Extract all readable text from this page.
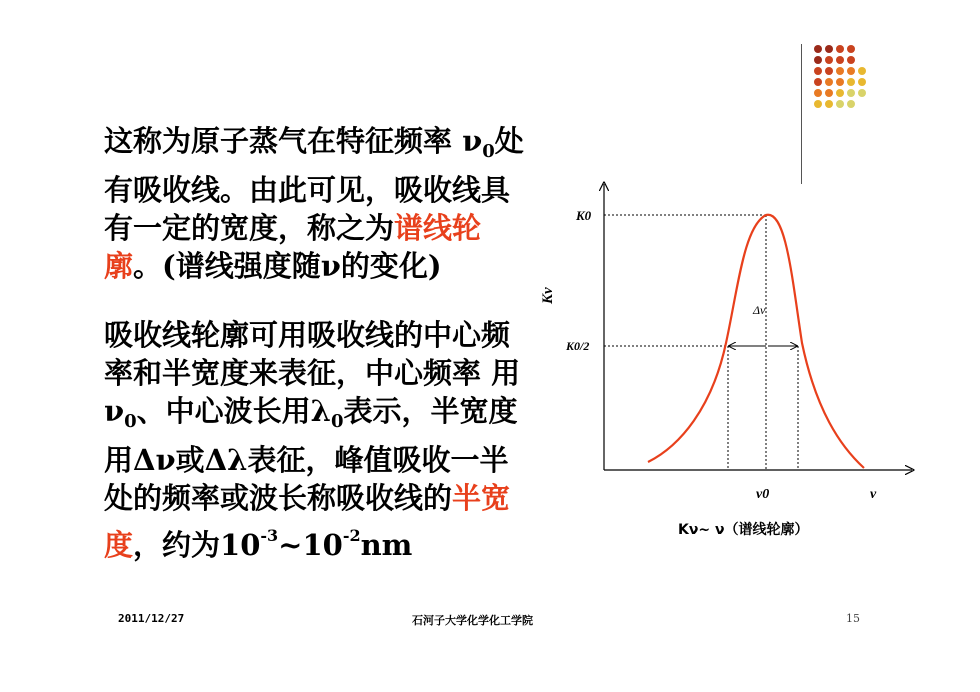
这称为原子蒸气在特征频率 $\nu_0$处有吸收线。由此可见，吸收线具有一定的宽度，称之为谱线轮廓。(谱线强度随ν的变化)

吸收线轮廓可用吸收线的中心频率和半宽度来表征，中心频率 用$\nu_0$、中心波长用$\lambda_0$表示，半宽度用Δν或Δλ表征，峰值吸收一半处的频率或波长称吸收线的半宽度，约为$10^{-3}\sim 10^{-2}nm$

Kν
K0
K0/2
Δν
ν0	ν
Kν~ ν（谱线轮廓）
2011/12/27	石河子大学化学化工学院	15
